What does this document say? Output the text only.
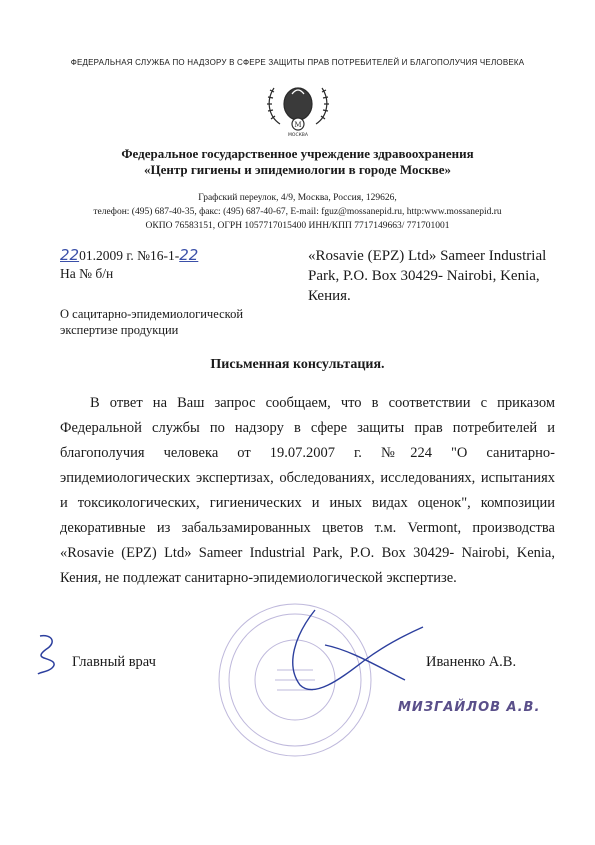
ФЕДЕРАЛЬНАЯ СЛУЖБА ПО НАДЗОРУ В СФЕРЕ ЗАЩИТЫ ПРАВ ПОТРЕБИТЕЛЕЙ И БЛАГОПОЛУЧИЯ ЧЕЛОВЕКА
M
МОСКВА
Федеральное государственное учреждение здравоохранения
«Центр гигиены и эпидемиологии в городе Москве»
Графский переулок, 4/9, Москва, Россия, 129626,
телефон: (495) 687-40-35, факс: (495) 687-40-67, E-mail: fguz@mossanepid.ru, http:www.mossanepid.ru
ОКПО 76583151, ОГРН 1057717015400 ИНН/КПП 7717149663/ 771701001
2201.2009 г. №16-1-22
На № б/н
О сацитарно-эпидемиологической
экспертизе продукции
«Rosavie (EPZ) Ltd» Sameer Industrial
Park, P.O. Box 30429- Nairobi, Kenia,
Кения.
Письменная консультация.
В ответ на Ваш запрос сообщаем, что в соответствии с приказом Федеральной службы по надзору в сфере защиты прав потребителей и благополучия человека от 19.07.2007 г. №224 "О санитарно-эпидемиологических экспертизах, обследованиях, исследованиях, испытаниях и токсикологических, гигиенических и иных видах оценок", композиции декоративные из забальзамированных цветов т.м. Vermont, производства «Rosavie (EPZ) Ltd» Sameer Industrial Park, P.O. Box 30429- Nairobi, Kenia, Кения, не подлежат санитарно-эпидемиологической экспертизе.
Главный врач	Иваненко А.В.
МИЗГАЙЛОВ А.В.
